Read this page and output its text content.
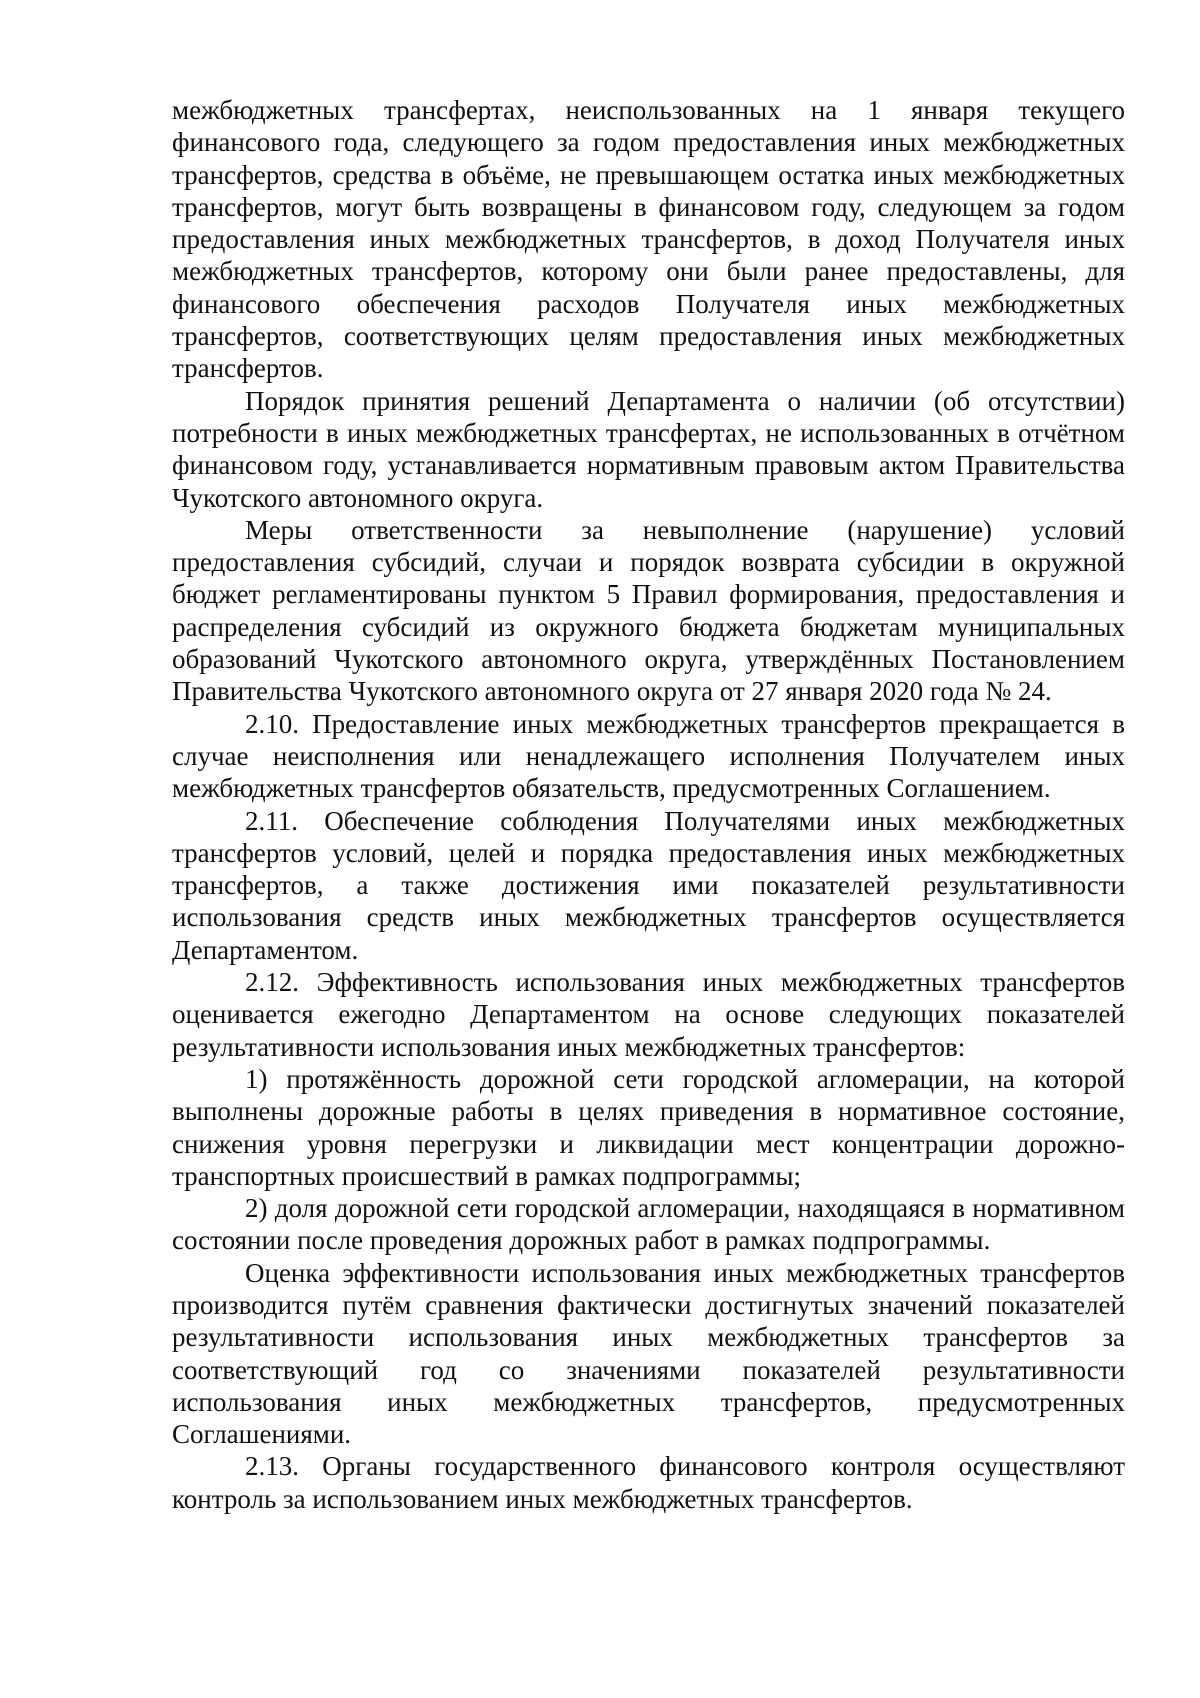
межбюджетных трансфертах, неиспользованных на 1 января текущего финансового года, следующего за годом предоставления иных межбюджетных трансфертов, средства в объёме, не превышающем остатка иных межбюджетных трансфертов, могут быть возвращены в финансовом году, следующем за годом предоставления иных межбюджетных трансфертов, в доход Получателя иных межбюджетных трансфертов, которому они были ранее предоставлены, для финансового обеспечения расходов Получателя иных межбюджетных трансфертов, соответствующих целям предоставления иных межбюджетных трансфертов.

Порядок принятия решений Департамента о наличии (об отсутствии) потребности в иных межбюджетных трансфертах, не использованных в отчётном финансовом году, устанавливается нормативным правовым актом Правительства Чукотского автономного округа.

Меры ответственности за невыполнение (нарушение) условий предоставления субсидий, случаи и порядок возврата субсидии в окружной бюджет регламентированы пунктом 5 Правил формирования, предоставления и распределения субсидий из окружного бюджета бюджетам муниципальных образований Чукотского автономного округа, утверждённых Постановлением Правительства Чукотского автономного округа от 27 января 2020 года № 24.

2.10. Предоставление иных межбюджетных трансфертов прекращается в случае неисполнения или ненадлежащего исполнения Получателем иных межбюджетных трансфертов обязательств, предусмотренных Соглашением.

2.11. Обеспечение соблюдения Получателями иных межбюджетных трансфертов условий, целей и порядка предоставления иных межбюджетных трансфертов, а также достижения ими показателей результативности использования средств иных межбюджетных трансфертов осуществляется Департаментом.

2.12. Эффективность использования иных межбюджетных трансфертов оценивается ежегодно Департаментом на основе следующих показателей результативности использования иных межбюджетных трансфертов:

1) протяжённость дорожной сети городской агломерации, на которой выполнены дорожные работы в целях приведения в нормативное состояние, снижения уровня перегрузки и ликвидации мест концентрации дорожно-транспортных происшествий в рамках подпрограммы;

2) доля дорожной сети городской агломерации, находящаяся в нормативном состоянии после проведения дорожных работ в рамках подпрограммы.

Оценка эффективности использования иных межбюджетных трансфертов производится путём сравнения фактически достигнутых значений показателей результативности использования иных межбюджетных трансфертов за соответствующий год со значениями показателей результативности использования иных межбюджетных трансфертов, предусмотренных Соглашениями.

2.13. Органы государственного финансового контроля осуществляют контроль за использованием иных межбюджетных трансфертов.
